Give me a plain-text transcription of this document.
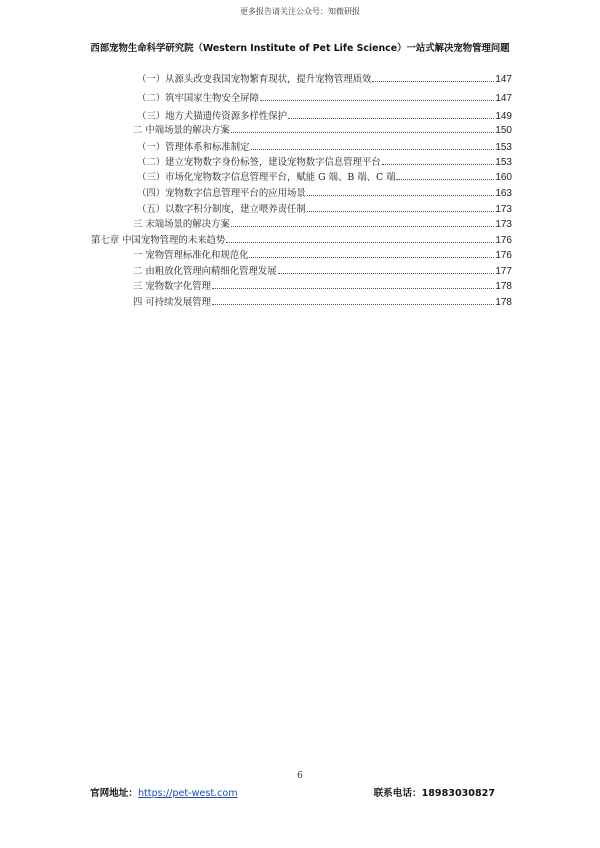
更多报告请关注公众号：知微研报
西部宠物生命科学研究院（Western Institute of Pet Life Science）一站式解决宠物管理问题
（一）从源头改变我国宠物繁育现状，提升宠物管理质效	147
（二）筑牢国家生物安全屏障	147
（三）地方犬猫遗传资源多样性保护	149
二 中端场景的解决方案	150
（一）管理体系和标准制定	153
（二）建立宠物数字身份标签，建设宠物数字信息管理平台	153
（三）市场化宠物数字信息管理平台，赋能 G 端、B 端、C 端	160
（四）宠物数字信息管理平台的应用场景	163
（五）以数字积分制度，建立喂养责任制	173
三 末端场景的解决方案	173
第七章 中国宠物管理的未来趋势	176
一 宠物管理标准化和规范化	176
二 由粗放化管理向精细化管理发展	177
三 宠物数字化管理	178
四 可持续发展管理	178
6
官网地址：https://pet-west.com	联系电话：18983030827
